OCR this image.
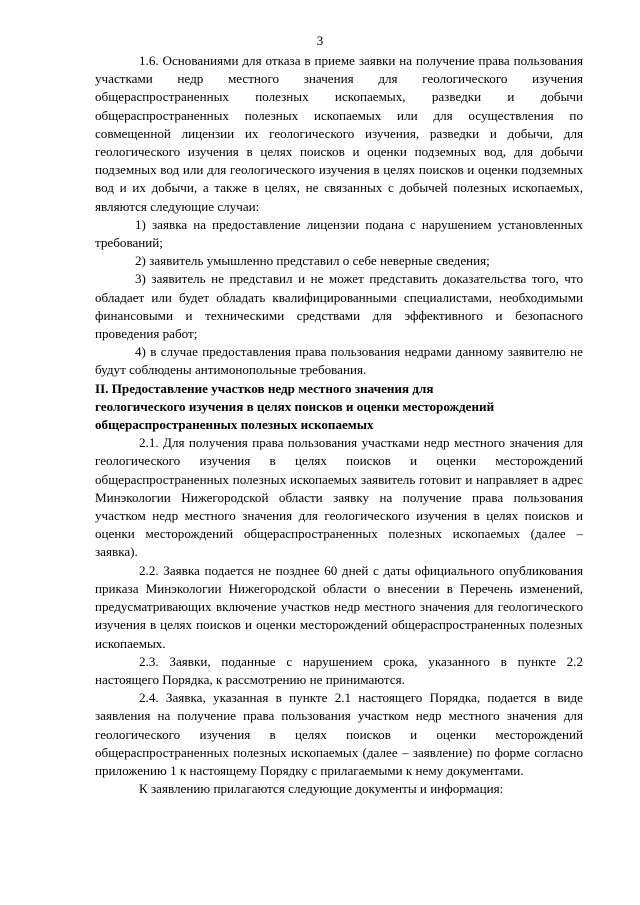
3

1.6. Основаниями для отказа в приеме заявки на получение права пользования участками недр местного значения для геологического изучения общераспространенных полезных ископаемых, разведки и добычи общераспространенных полезных ископаемых или для осуществления по совмещенной лицензии их геологического изучения, разведки и добычи, для геологического изучения в целях поисков и оценки подземных вод, для добычи подземных вод или для геологического изучения в целях поисков и оценки подземных вод и их добычи, а также в целях, не связанных с добычей полезных ископаемых, являются следующие случаи:

1) заявка на предоставление лицензии подана с нарушением установленных требований;

2) заявитель умышленно представил о себе неверные сведения;

3) заявитель не представил и не может представить доказательства того, что обладает или будет обладать квалифицированными специалистами, необходимыми финансовыми и техническими средствами для эффективного и безопасного проведения работ;

4) в случае предоставления права пользования недрами данному заявителю не будут соблюдены антимонопольные требования.

II. Предоставление участков недр местного значения для
геологического изучения в целях поисков и оценки месторождений
общераспространенных полезных ископаемых

2.1. Для получения права пользования участками недр местного значения для геологического изучения в целях поисков и оценки месторождений общераспространенных полезных ископаемых заявитель готовит и направляет в адрес Минэкологии Нижегородской области заявку на получение права пользования участком недр местного значения для геологического изучения в целях поисков и оценки месторождений общераспространенных полезных ископаемых (далее – заявка).

2.2. Заявка подается не позднее 60 дней с даты официального опубликования приказа Минэкологии Нижегородской области о внесении в Перечень изменений, предусматривающих включение участков недр местного значения для геологического изучения в целях поисков и оценки месторождений общераспространенных полезных ископаемых.

2.3. Заявки, поданные с нарушением срока, указанного в пункте 2.2 настоящего Порядка, к рассмотрению не принимаются.

2.4. Заявка, указанная в пункте 2.1 настоящего Порядка, подается в виде заявления на получение права пользования участком недр местного значения для геологического изучения в целях поисков и оценки месторождений общераспространенных полезных ископаемых (далее – заявление) по форме согласно приложению 1 к настоящему Порядку с прилагаемыми к нему документами.

К заявлению прилагаются следующие документы и информация:
